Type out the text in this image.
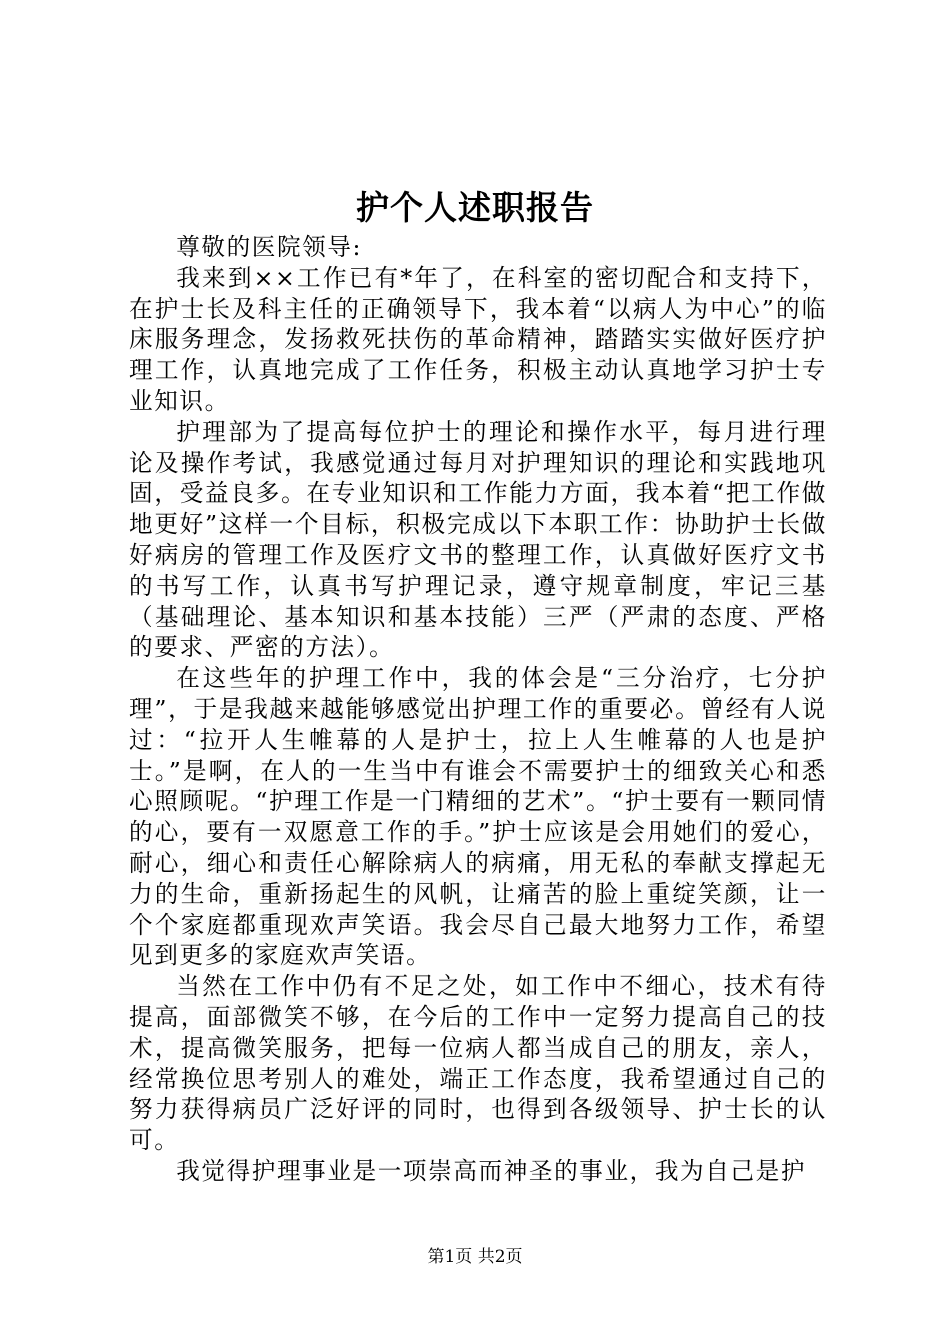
护个人述职报告

尊敬的医院领导:

我来到××工作已有*年了，在科室的密切配合和支持下，在护士长及科主任的正确领导下，我本着“以病人为中心”的临床服务理念，发扬救死扶伤的革命精神，踏踏实实做好医疗护理工作，认真地完成了工作任务，积极主动认真地学习护士专业知识。

护理部为了提高每位护士的理论和操作水平，每月进行理论及操作考试，我感觉通过每月对护理知识的理论和实践地巩固，受益良多。在专业知识和工作能力方面，我本着“把工作做地更好”这样一个目标，积极完成以下本职工作：协助护士长做好病房的管理工作及医疗文书的整理工作，认真做好医疗文书的书写工作，认真书写护理记录，遵守规章制度，牢记三基（基础理论、基本知识和基本技能）三严（严肃的态度、严格的要求、严密的方法）。

在这些年的护理工作中，我的体会是“三分治疗，七分护理”，于是我越来越能够感觉出护理工作的重要必。曾经有人说过：“拉开人生帷幕的人是护士，拉上人生帷幕的人也是护士。”是啊，在人的一生当中有谁会不需要护士的细致关心和悉心照顾呢。“护理工作是一门精细的艺术”。“护士要有一颗同情的心，要有一双愿意工作的手。”护士应该是会用她们的爱心，耐心，细心和责任心解除病人的病痛，用无私的奉献支撑起无力的生命，重新扬起生的风帆，让痛苦的脸上重绽笑颜，让一个个家庭都重现欢声笑语。我会尽自己最大地努力工作，希望见到更多的家庭欢声笑语。

当然在工作中仍有不足之处，如工作中不细心，技术有待提高，面部微笑不够，在今后的工作中一定努力提高自己的技术，提高微笑服务，把每一位病人都当成自己的朋友，亲人，经常换位思考别人的难处，端正工作态度，我希望通过自己的努力获得病员广泛好评的同时，也得到各级领导、护士长的认可。

我觉得护理事业是一项崇高而神圣的事业，我为自己是护

第1页 共2页
